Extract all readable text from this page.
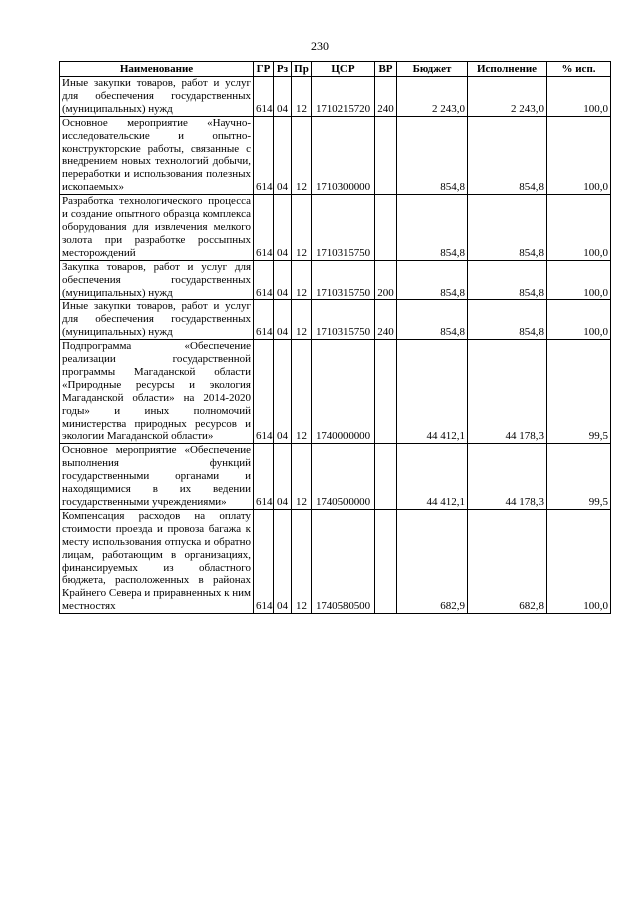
230
Наименование	ГР	Рз	Пр	ЦСР	ВР	Бюджет	Исполнение	% исп.
Иные закупки товаров, работ и услуг для обеспечения государственных (муниципальных) нужд	614	04	12	1710215720	240	2 243,0	2 243,0	100,0
Основное мероприятие «Научно-исследовательские и опытно-конструкторские работы, связанные с внедрением новых технологий добычи, переработки и использования полезных ископаемых»	614	04	12	1710300000		854,8	854,8	100,0
Разработка технологического процесса и создание опытного образца комплекса оборудования для извлечения мелкого золота при разработке россыпных месторождений	614	04	12	1710315750		854,8	854,8	100,0
Закупка товаров, работ и услуг для обеспечения государственных (муниципальных) нужд	614	04	12	1710315750	200	854,8	854,8	100,0
Иные закупки товаров, работ и услуг для обеспечения государственных (муниципальных) нужд	614	04	12	1710315750	240	854,8	854,8	100,0
Подпрограмма «Обеспечение реализации государственной программы Магаданской области «Природные ресурсы и экология Магаданской области» на 2014-2020 годы» и иных полномочий министерства природных ресурсов и экологии Магаданской области»	614	04	12	1740000000		44 412,1	44 178,3	99,5
Основное мероприятие «Обеспечение выполнения функций государственными органами и находящимися в их ведении государственными учреждениями»	614	04	12	1740500000		44 412,1	44 178,3	99,5
Компенсация расходов на оплату стоимости проезда и провоза багажа к месту использования отпуска и обратно лицам, работающим в организациях, финансируемых из областного бюджета, расположенных в районах Крайнего Севера и приравненных к ним местностях	614	04	12	1740580500		682,9	682,8	100,0
